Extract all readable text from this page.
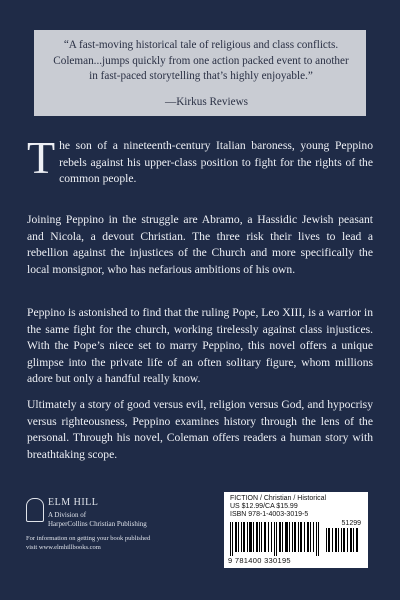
“A fast-moving historical tale of religious and class conflicts. Coleman...jumps quickly from one action packed event to another in fast-paced storytelling that’s highly enjoyable.”
—Kirkus Reviews
The son of a nineteenth-century Italian baroness, young Peppino rebels against his upper-class position to fight for the rights of the common people.
Joining Peppino in the struggle are Abramo, a Hassidic Jewish peasant and Nicola, a devout Christian. The three risk their lives to lead a rebellion against the injustices of the Church and more specifically the local monsignor, who has nefarious ambitions of his own.
Peppino is astonished to find that the ruling Pope, Leo XIII, is a warrior in the same fight for the church, working tirelessly against class injustices. With the Pope’s niece set to marry Peppino, this novel offers a unique glimpse into the private life of an often solitary figure, whom millions adore but only a handful really know.
Ultimately a story of good versus evil, religion versus God, and hypocrisy versus righteousness, Peppino examines history through the lens of the personal. Through his novel, Coleman offers readers a human story with breathtaking scope.
ELM HILL
A Division of
HarperCollins Christian Publishing
For information on getting your book published
visit www.elmhillbooks.com
FICTION / Christian / Historical
US $12.99/CA $15.99
ISBN 978-1-4003-3019-5
51299
9 781400 330195
